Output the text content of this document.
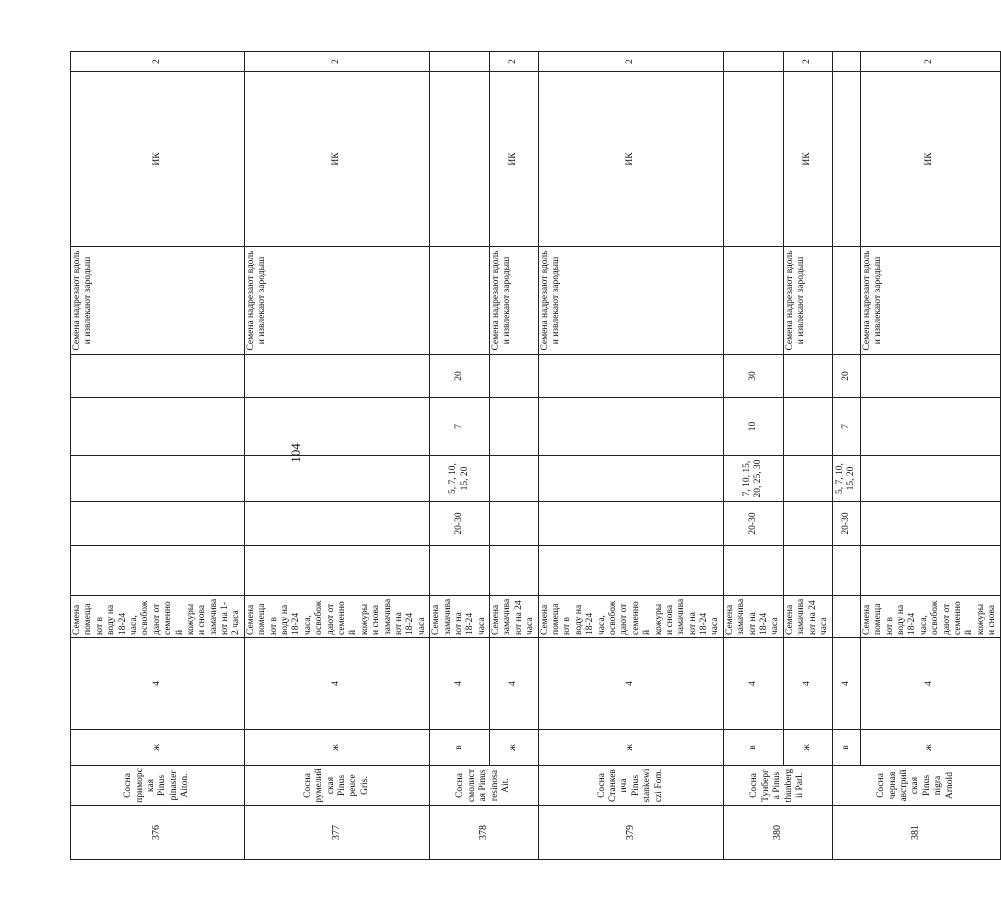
104
376	Сосна приморская Pinus pinaster Aiton.	ж	4	Семена помещают в воду на 18-24 часа, освобождают от семенной кожуры и снова замачивают на 1-2 часа						Семена надрезают вдоль и извлекают зародыш	ИК	2
377	Сосна румелийская Pinus peuce Gris.	ж	4	Семена помещают в воду на 18-24 часа, освобождают от семенной кожуры и снова замачивают на 18-24 часа						Семена надрезают вдоль и извлекают зародыш	ИК	2
378	Сосна смолистая Pinus resinosa Ait.	в	4	Семена замачивают на 18-24 часа		20-30	5, 7, 10, 15, 20	7	20			
		ж	4	Семена замачивают на 24 часа						Семена надрезают вдоль и извлекают зародыш	ИК	2
379	Сосна Станкевича Pinus stankewiczi Fom.	ж	4	Семена помещают в воду на 18-24 часа, освобождают от семенной кожуры и снова замачивают на 18-24 часа						Семена надрезают вдоль и извлекают зародыш	ИК	2
380	Сосна Тунберга Pinus thunbergii Parl.	в	4	Семена замачивают на 18-24 часа		20-30	7, 10, 15, 20, 25, 30	10	30			
		ж	4	Семена замачивают на 24 часа						Семена надрезают вдоль и извлекают зародыш	ИК	2
381	Сосна черная австрийская Pinus nigra Arnold	в	4			20-30	5, 7, 10, 15, 20	7	20			
		ж	4	Семена помещают в воду на 18-24 часа, освобождают от семенной кожуры и снова						Семена надрезают вдоль и извлекают зародыш	ИК	2
